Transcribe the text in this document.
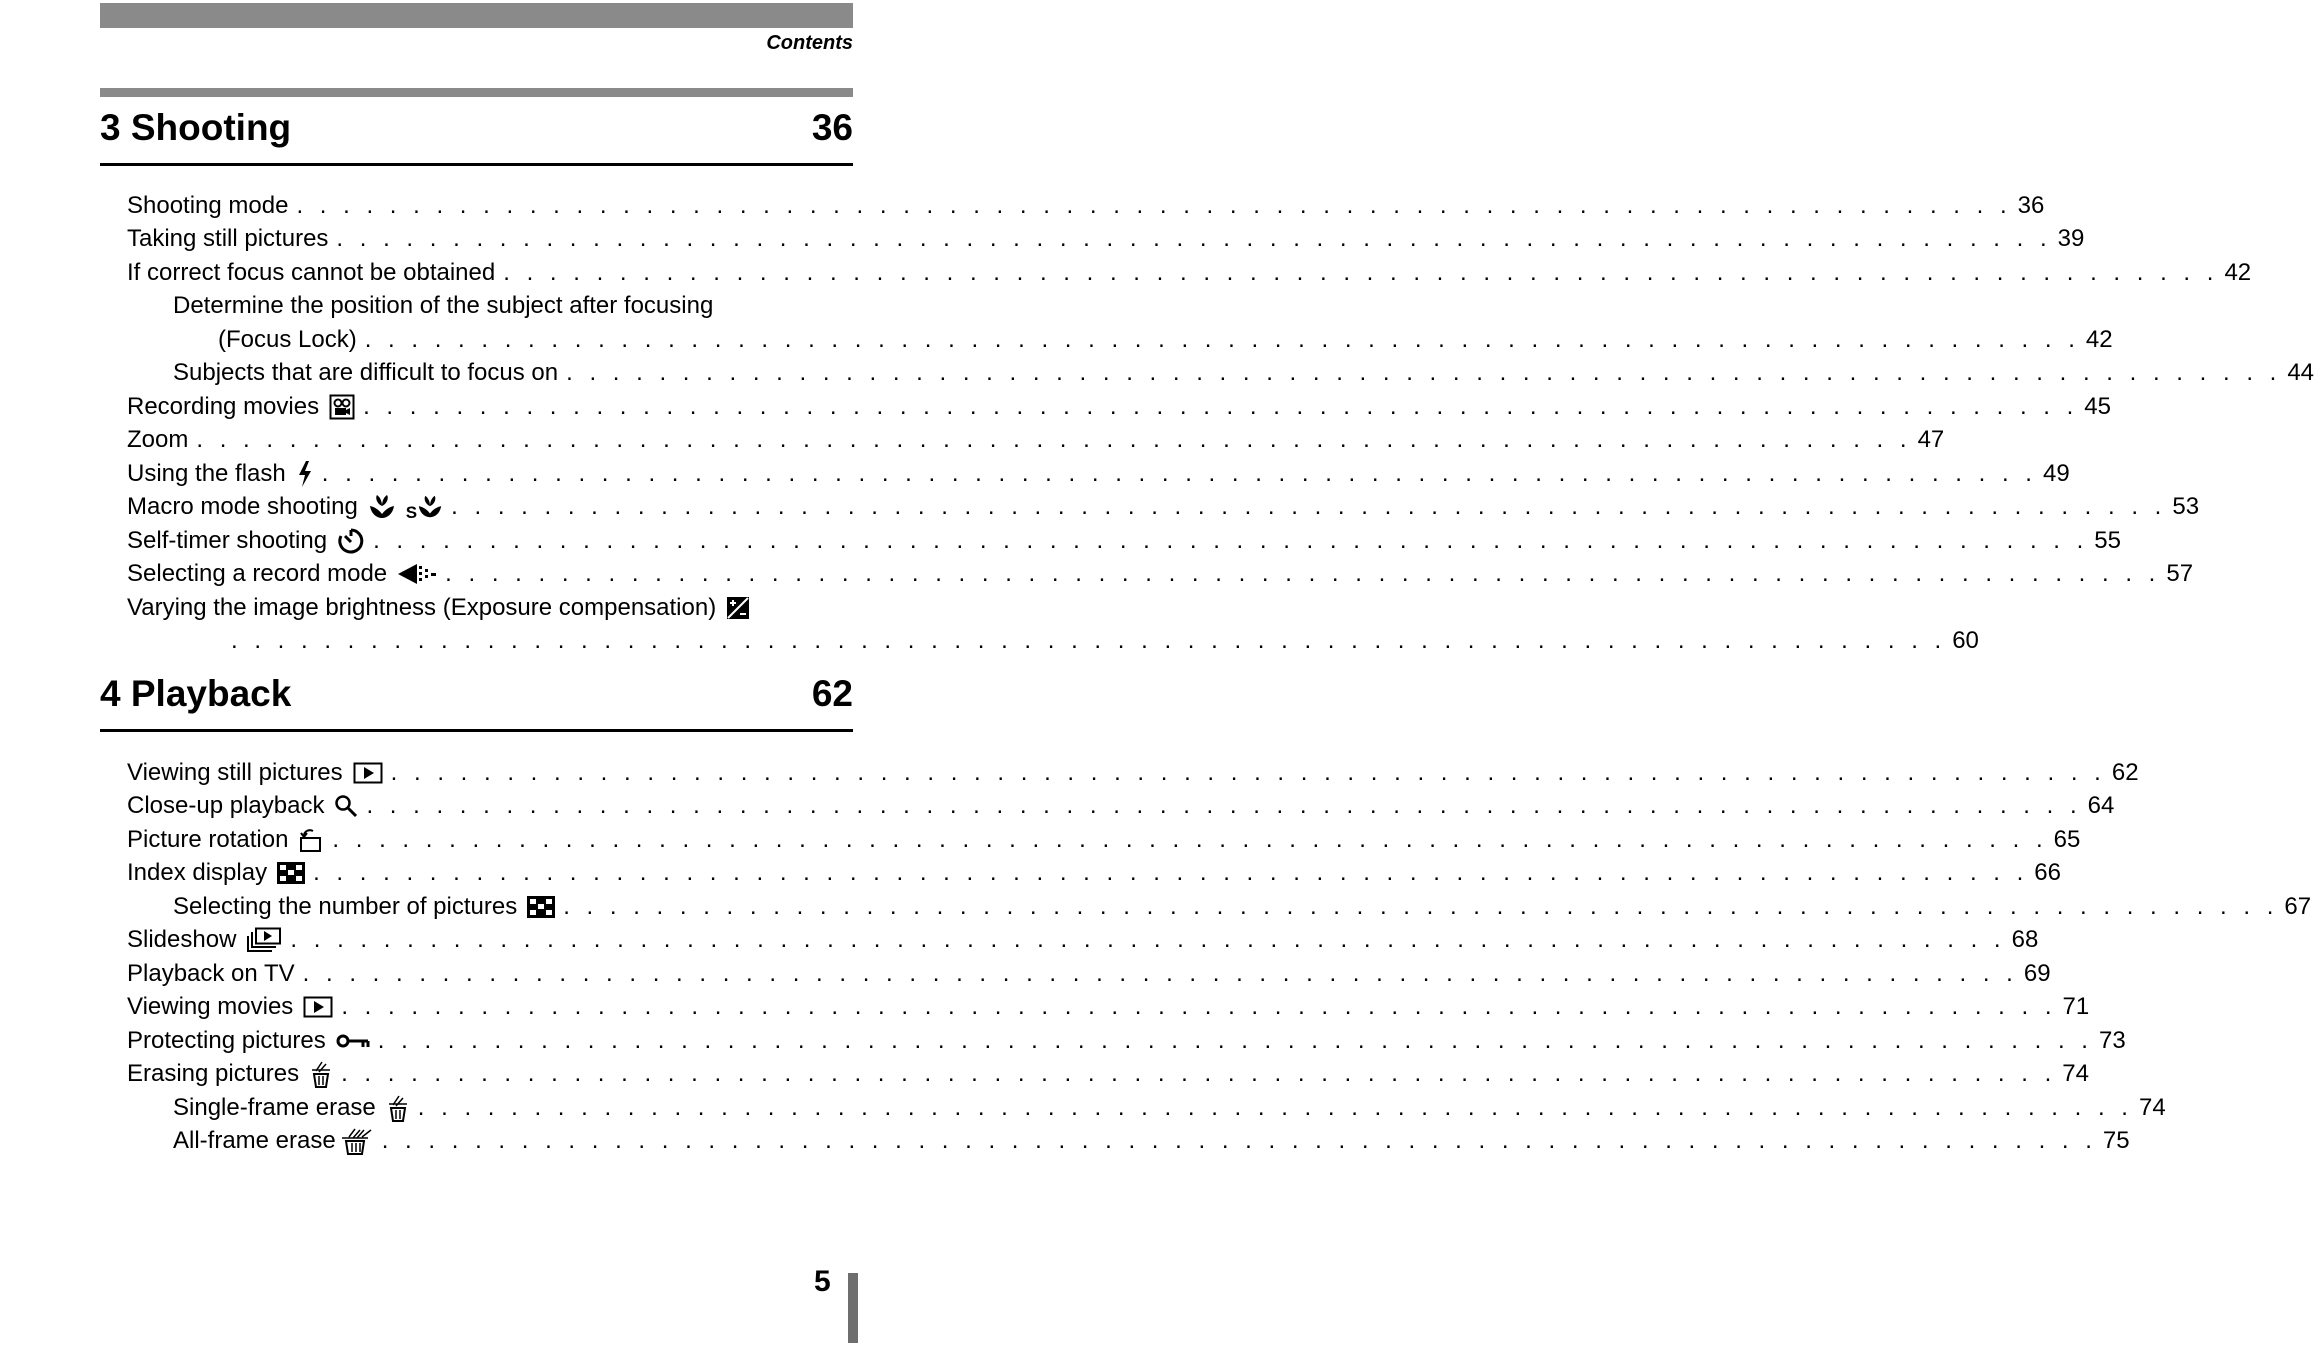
Contents
3 Shooting	36
Shooting mode . . . . . . . . . . . . . . . . . . . . . . . . . . . . . . . . . . . . . . . . . . . . . . . . . . . . . . . . . . . . . . . . . . . . . . . . . . 36
Taking still pictures . . . . . . . . . . . . . . . . . . . . . . . . . . . . . . . . . . . . . . . . . . . . . . . . . . . . . . . . . . . . . . . . . . . . . . . . . . 39
If correct focus cannot be obtained . . . . . . . . . . . . . . . . . . . . . . . . . . . . . . . . . . . . . . . . . . . . . . . . . . . . . . . . . . . . . . . . . . . . . . . . . . 42
Determine the position of the subject after focusing
(Focus Lock) . . . . . . . . . . . . . . . . . . . . . . . . . . . . . . . . . . . . . . . . . . . . . . . . . . . . . . . . . . . . . . . . . . . . . . . . . . 42
Subjects that are difficult to focus on . . . . . . . . . . . . . . . . . . . . . . . . . . . . . . . . . . . . . . . . . . . . . . . . . . . . . . . . . . . . . . . . . . . . . . . . . . 44
Recording movies . . . . . . . . . . . . . . . . . . . . . . . . . . . . . . . . . . . . . . . . . . . . . . . . . . . . . . . . . . . . . . . . . . . . . . . . . . 45
Zoom . . . . . . . . . . . . . . . . . . . . . . . . . . . . . . . . . . . . . . . . . . . . . . . . . . . . . . . . . . . . . . . . . . . . . . . . . . 47
Using the flash . . . . . . . . . . . . . . . . . . . . . . . . . . . . . . . . . . . . . . . . . . . . . . . . . . . . . . . . . . . . . . . . . . . . . . . . . . 49
Macro mode shooting	S . . . . . . . . . . . . . . . . . . . . . . . . . . . . . . . . . . . . . . . . . . . . . . . . . . . . . . . . . . . . . . . . . . . . . . . . . . 53
Self-timer shooting . . . . . . . . . . . . . . . . . . . . . . . . . . . . . . . . . . . . . . . . . . . . . . . . . . . . . . . . . . . . . . . . . . . . . . . . . . 55
Selecting a record mode . . . . . . . . . . . . . . . . . . . . . . . . . . . . . . . . . . . . . . . . . . . . . . . . . . . . . . . . . . . . . . . . . . . . . . . . . . 57
Varying the image brightness (Exposure compensation)
. . . . . . . . . . . . . . . . . . . . . . . . . . . . . . . . . . . . . . . . . . . . . . . . . . . . . . . . . . . . . . . . . . . . . . . . . . 60
4 Playback	62
Viewing still pictures . . . . . . . . . . . . . . . . . . . . . . . . . . . . . . . . . . . . . . . . . . . . . . . . . . . . . . . . . . . . . . . . . . . . . . . . . . 62
Close-up playback . . . . . . . . . . . . . . . . . . . . . . . . . . . . . . . . . . . . . . . . . . . . . . . . . . . . . . . . . . . . . . . . . . . . . . . . . . 64
Picture rotation . . . . . . . . . . . . . . . . . . . . . . . . . . . . . . . . . . . . . . . . . . . . . . . . . . . . . . . . . . . . . . . . . . . . . . . . . . 65
Index display . . . . . . . . . . . . . . . . . . . . . . . . . . . . . . . . . . . . . . . . . . . . . . . . . . . . . . . . . . . . . . . . . . . . . . . . . . 66
Selecting the number of pictures . . . . . . . . . . . . . . . . . . . . . . . . . . . . . . . . . . . . . . . . . . . . . . . . . . . . . . . . . . . . . . . . . . . . . . . . . . 67
Slideshow . . . . . . . . . . . . . . . . . . . . . . . . . . . . . . . . . . . . . . . . . . . . . . . . . . . . . . . . . . . . . . . . . . . . . . . . . . 68
Playback on TV . . . . . . . . . . . . . . . . . . . . . . . . . . . . . . . . . . . . . . . . . . . . . . . . . . . . . . . . . . . . . . . . . . . . . . . . . . 69
Viewing movies . . . . . . . . . . . . . . . . . . . . . . . . . . . . . . . . . . . . . . . . . . . . . . . . . . . . . . . . . . . . . . . . . . . . . . . . . . 71
Protecting pictures . . . . . . . . . . . . . . . . . . . . . . . . . . . . . . . . . . . . . . . . . . . . . . . . . . . . . . . . . . . . . . . . . . . . . . . . . . 73
Erasing pictures . . . . . . . . . . . . . . . . . . . . . . . . . . . . . . . . . . . . . . . . . . . . . . . . . . . . . . . . . . . . . . . . . . . . . . . . . . 74
Single-frame erase . . . . . . . . . . . . . . . . . . . . . . . . . . . . . . . . . . . . . . . . . . . . . . . . . . . . . . . . . . . . . . . . . . . . . . . . . . 74
All-frame erase . . . . . . . . . . . . . . . . . . . . . . . . . . . . . . . . . . . . . . . . . . . . . . . . . . . . . . . . . . . . . . . . . . . . . . . . . . 75
5
